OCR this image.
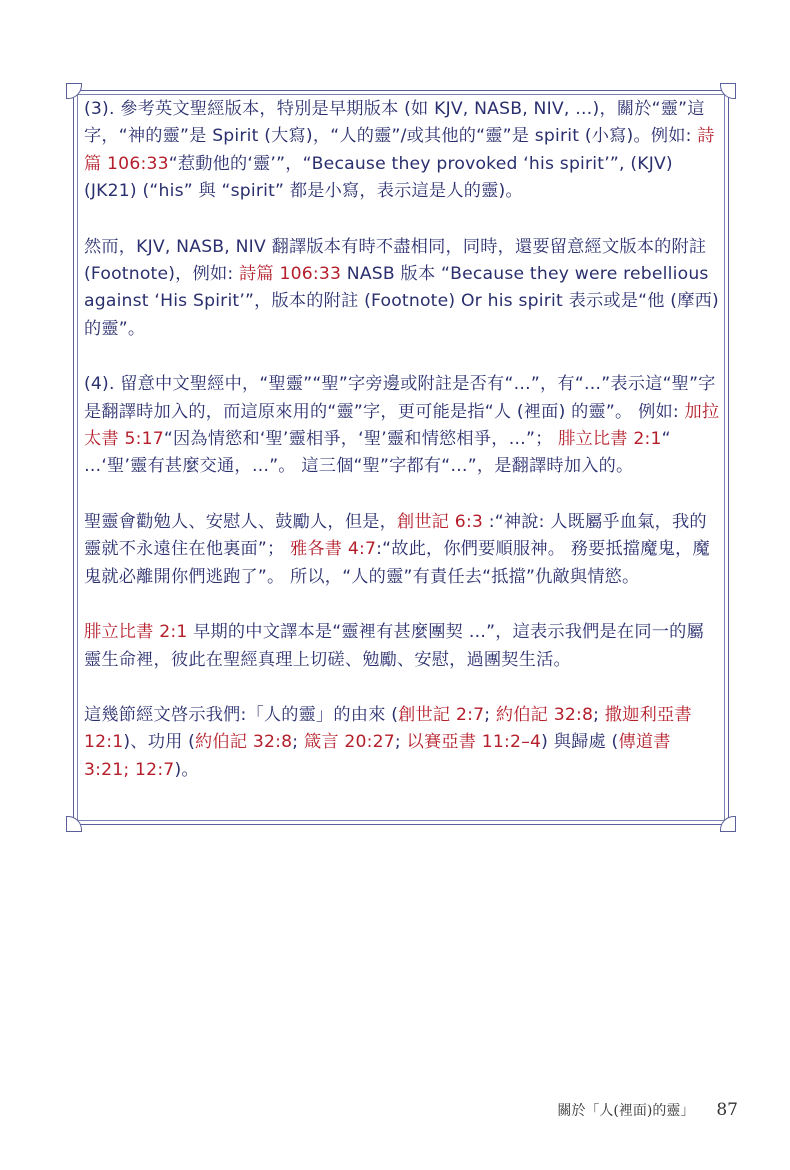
(3). 參考英文聖經版本，特別是早期版本 (如 KJV, NASB, NIV, …)，關於“靈”這字，“神的靈”是 Spirit (大寫)，“人的靈”/或其他的“靈”是 spirit (小寫)。例如: 詩篇 106:33“惹動他的‘靈’”，“Because they provoked ‘his spirit’”, (KJV) (JK21) (“his” 與 “spirit” 都是小寫，表示這是人的靈)。

然而，KJV, NASB, NIV 翻譯版本有時不盡相同，同時，還要留意經文版本的附註 (Footnote)，例如: 詩篇 106:33 NASB 版本 “Because they were rebellious against ‘His Spirit’”，版本的附註 (Footnote) Or his spirit 表示或是“他 (摩西) 的靈”。

(4). 留意中文聖經中，“聖靈”“聖”字旁邊或附註是否有“…”，有“…”表示這“聖”字是翻譯時加入的，而這原來用的“靈”字，更可能是指“人 (裡面) 的靈”。 例如: 加拉太書 5:17“因為情慾和‘聖’靈相爭，‘聖’靈和情慾相爭，…”； 腓立比書 2:1“ …‘聖’靈有甚麼交通，…”。 這三個“聖”字都有“…”，是翻譯時加入的。

聖靈會勸勉人、安慰人、鼓勵人，但是，創世記 6:3 :“神說: 人既屬乎血氣，我的靈就不永遠住在他裏面”； 雅各書 4:7:“故此，你們要順服神。 務要抵擋魔鬼，魔鬼就必離開你們逃跑了”。 所以，“人的靈”有責任去“抵擋”仇敵與情慾。

腓立比書 2:1 早期的中文譯本是“靈裡有甚麼團契 …”，這表示我們是在同一的屬靈生命裡，彼此在聖經真理上切磋、勉勵、安慰，過團契生活。

這幾節經文啓示我們:「人的靈」的由來 (創世記 2:7; 約伯記 32:8; 撒迦利亞書 12:1)、功用 (約伯記 32:8; 箴言 20:27; 以賽亞書 11:2–4) 與歸處 (傳道書 3:21; 12:7)。

關於「人(裡面)的靈」 87
